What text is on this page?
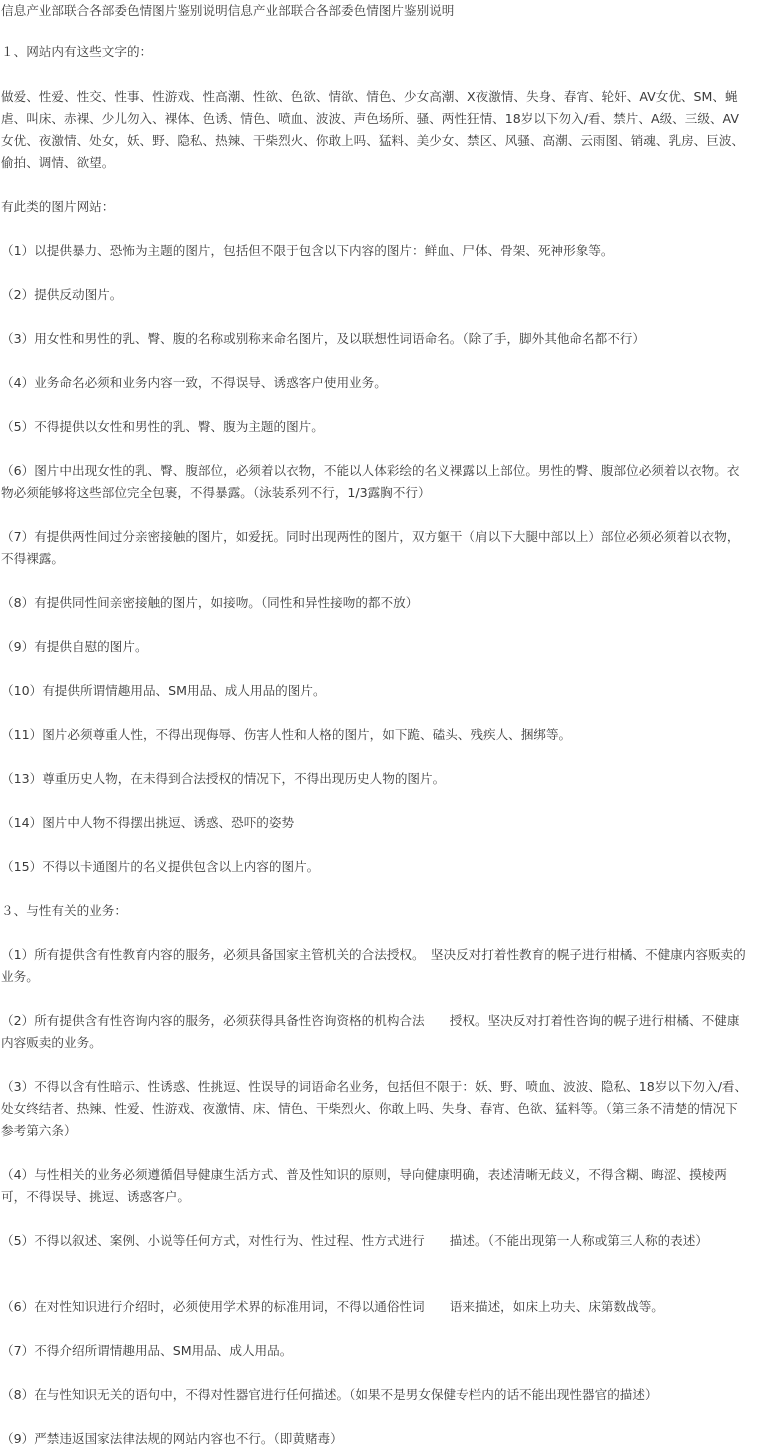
信息产业部联合各部委色情图片鉴别说明信息产业部联合各部委色情图片鉴别说明
１、网站内有这些文字的：
做爱、性爱、性交、性事、性游戏、性高潮、性欲、色欲、情欲、情色、少女高潮、X夜激情、失身、春宵、轮奸、AV女优、SM、蝇虐、叫床、赤裸、少儿勿入、裸体、色诱、情色、喷血、波波、声色场所、骚、两性狂情、18岁以下勿入/看、禁片、A级、三级、AV女优、夜激情、处女，妖、野、隐私、热辣、干柴烈火、你敢上吗、猛料、美少女、禁区、风骚、高潮、云雨图、销魂、乳房、巨波、偷拍、调情、欲望。
有此类的图片网站：
（1）以提供暴力、恐怖为主题的图片，包括但不限于包含以下内容的图片：鲜血、尸体、骨架、死神形象等。
（2）提供反动图片。
（3）用女性和男性的乳、臀、腹的名称或别称来命名图片，及以联想性词语命名。（除了手，脚外其他命名都不行）
（4）业务命名必须和业务内容一致，不得误导、诱惑客户使用业务。
（5）不得提供以女性和男性的乳、臀、腹为主题的图片。
（6）图片中出现女性的乳、臀、腹部位，必须着以衣物，不能以人体彩绘的名义裸露以上部位。男性的臀、腹部位必须着以衣物。衣物必须能够将这些部位完全包裹，不得暴露。（泳装系列不行，1/3露胸不行）
（7）有提供两性间过分亲密接触的图片，如爱抚。同时出现两性的图片，双方躯干（肩以下大腿中部以上）部位必须必须着以衣物，不得裸露。
（8）有提供同性间亲密接触的图片，如接吻。（同性和异性接吻的都不放）
（9）有提供自慰的图片。
（10）有提供所谓情趣用品、SM用品、成人用品的图片。
（11）图片必须尊重人性，不得出现侮辱、伤害人性和人格的图片，如下跪、磕头、残疾人、捆绑等。
（13）尊重历史人物，在未得到合法授权的情况下，不得出现历史人物的图片。
（14）图片中人物不得摆出挑逗、诱惑、恐吓的姿势
（15）不得以卡通图片的名义提供包含以上内容的图片。
３、与性有关的业务：
（1）所有提供含有性教育内容的服务，必须具备国家主管机关的合法授权。　坚决反对打着性教育的幌子进行柑橘、不健康内容贩卖的业务。
（2）所有提供含有性咨询内容的服务，必须获得具备性咨询资格的机构合法　　授权。坚决反对打着性咨询的幌子进行柑橘、不健康内容贩卖的业务。
（3）不得以含有性暗示、性诱惑、性挑逗、性误导的词语命名业务，包括但不限于：妖、野、喷血、波波、隐私、18岁以下勿入/看、处女终结者、热辣、性爱、性游戏、夜激情、床、情色、干柴烈火、你敢上吗、失身、春宵、色欲、猛料等。（第三条不清楚的情况下参考第六条）
（4）与性相关的业务必须遵循倡导健康生活方式、普及性知识的原则，导向健康明确，表述清晰无歧义，不得含糊、晦涩、摸棱两可，不得误导、挑逗、诱惑客户。
（5）不得以叙述、案例、小说等任何方式，对性行为、性过程、性方式进行　　描述。（不能出现第一人称或第三人称的表述）
（6）在对性知识进行介绍时，必须使用学术界的标准用词，不得以通俗性词　　语来描述，如床上功夫、床第数战等。
（7）不得介绍所谓情趣用品、SM用品、成人用品。
（8）在与性知识无关的语句中，不得对性器官进行任何描述。（如果不是男女保健专栏内的话不能出现性器官的描述）
（9）严禁违返国家法律法规的网站内容也不行。（即黄赌毒）
